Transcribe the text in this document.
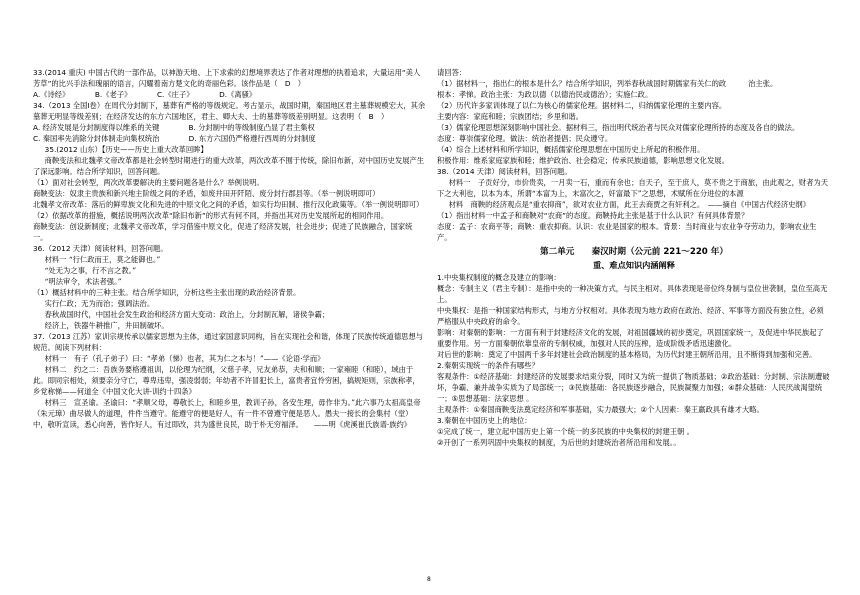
33.(2014 重庆) 中国古代的一部作品，以神游天地、上下求索的幻想境界表达了作者对理想的执着追求，大量运用“美人芳草”的比兴手法和瑰丽的语言，闪耀着南方楚文化的奇丽色彩。该作品是（　D　）

A.《诗经》　　　　B.《老子》　　　　C.《庄子》　　　　D.《离骚》

34.（2013 全国Ⅰ卷）在周代分封制下，墓葬有严格的等级规定。考古显示，战国时期，秦国地区君主墓葬规模宏大，其余墓葬无明显等级差别；在经济发达的东方六国地区，君主、卿大夫、士的墓葬等级差别明显。这表明（　B　）

A. 经济发展是分封制度得以维系的关键　　　　B. 分封制中的等级制度凸显了君主集权

C. 秦国率先消除分封体制走向集权统治　　　　D. 东方六国仍严格遵行西周的分封制度

35.(2012 山东）【历史——历史上重大改革回眸】

商鞅变法和北魏孝文帝改革都是社会转型时期进行的重大改革，两次改革不囿于传统，除旧布新，对中国历史发展产生了深远影响。结合所学知识，回答问题。

（1）面对社会转型，两次改革要解决的主要问题各是什么？举例说明。

商鞅变法：奴隶主贵族和新兴地主阶级之间的矛盾，如废井田开阡陌、废分封行郡县等。（举一例说明即可）

北魏孝文帝改革：落后的鲜卑族文化和先进的中原文化之间的矛盾，如实行均田制、推行汉化政策等。（举一例说明即可）

（2）依据改革的措施，概括说明两次改革“除旧布新”的形式有何不同，并指出其对历史发展所起的相同作用。

商鞅变法：创设新制度；北魏孝文帝改革，学习借鉴中原文化，促进了经济发展，社会进步；促进了民族融合，国家统一。

36.（2012 天津）阅读材料，回答问题。

材料一 “行仁政而王，莫之能御也。”

“处无为之事，行不言之教。”

“明法审令，术法者强。”

（1）概括材料中的三种主张。结合所学知识，分析这些主张出现的政治经济背景。

实行仁政；无为而治；强调法治。

春秋战国时代，中国社会发生政治和经济方面大变动：政治上，分封制瓦解，诸侯争霸；

经济上，铁器牛耕推广，井田制破坏。

37.（2013 江苏）家训宗规传承以儒家思想为主体，通过家国意识同构，旨在实现社会和谐，体现了民族传统道德思想与规范。阅读下列材料：

材料一　有子（孔子弟子）曰：“孝弟（悌）也者，其为仁之本与！”——《论语·学而》

材料二　约之二：吾族务要格遵祖训，以伦理为纪纲，父慈子孝，兄友弟恭，夫和和顺；一家雍睦（和睦），域由于此。即同宗相处，须要亲分守亡，尊卑违卑，强凌弱弱；年幼者不许冒犯长上，富贵者宜怜穷困，搞规矩则，宗族称孝，乡党称悌——何道全《中国文化大讲·训约十四条》

材料三　宣圣谕。圣谕曰：“孝顺父母，尊敬长上，和睦乡里，教训子孙，各安生理，毋作非为。”此六事乃太祖高皇帝（朱元璋）曲尽做人的道理，件件当遵守。能遵守的便是好人，有一件不曾遵守便是恶人。愚夫一接长的会集村（堂）中，敬听宣读，悉心向善，皆作好人，有过即改，共为盛世良民，助于朴无穷福泽。　　——明《虎溪崔氏族谱·族约》

请回答：

（1）据材料一，指出仁的根本是什么？结合所学知识，列举春秋战国时期儒家有关仁的政　　　治主张。

根本：孝悌。政治主张：为政以德（以德治民或德治）；实施仁政。

（2）历代许多家训体现了以仁为核心的儒家伦理。据材料二，归纳儒家伦理的主要内容。

主要内容：家庭和睦；宗族团结；乡里和谐。

（3）儒家伦理思想深刻影响中国社会。据材料三，指出明代统治者与民众对儒家伦理所持的态度及各自的做法。

态度：尊崇儒家伦理。做法：统治者提倡；民众遵守。

（4）综合上述材料和所学知识，概括儒家伦理思想在中国历史上所起的积极作用。

积极作用：维系家庭家族和睦；维护政治、社会稳定；传承民族道德，影响思想文化发展。

38.（2014 天津）阅读材料，回答问题。

材料一　子贡好分，市价贵卖，一月卖一石，重而有余也；自天子，至于庶人，莫不贵之于商旅，由此观之，财者为天下之大利也，以本为本，所谓“本富为上，末富次之，奸富最下”之思想，术赋所在分进位的本源

材料　商鞅的经济观点是“重农抑商”，欲对农业方面，此王去商贾之有奸利之。　——摘自《中国古代经济史纲》

（1）指出材料一中孟子和商鞅对“农商”的态度。商鞅持此主张是基于什么认识？有何具体背景？

态度：孟子：农商平等；商鞅：重农抑商。认识：农业是国家的根本。背景：当时商业与农业争夺劳动力，影响农业生产。

第二单元　　秦汉时期（公元前 221～220 年）

重、难点知识内涵阐释

1.中央集权制度的概念及建立的影响：

概念：专制主义（君主专制）：是指中央的一种决策方式，与民主相对。具体表现是帝位终身制与皇位世袭制，皇位至高无上。

中央集权：是指一种国家结构形式，与地方分权相对。具体表现为地方政府在政治、经济、军事等方面没有独立性，必须严格服从中央政府的命令。

影响：对秦朝的影响：一方面有利于封建经济文化的发展，对祖国疆域的初步奠定，巩固国家统一，及促进中华民族起了重要作用。另一方面秦朝依靠皇帝的专制权威，加强对人民的压榨，造成阶级矛盾迅速激化。

对后世的影响：奠定了中国两千多年封建社会政治制度的基本格局，为历代封建王朝所沿用，且不断得到加强和完善。

2.秦朝实现统一的条件有哪些？

客观条件：①经济基础：封建经济的发展要求结束分裂，同时又为统一提供了物质基础；②政治基础：分封制、宗法制遭破坏，争霸、兼并战争实质为了局部统一；③民族基础：各民族逐步融合，民族凝聚力加强；④群众基础：人民厌战渴望统一；⑤思想基础：法家思想 。

主观条件：①秦国商鞅变法奠定经济和军事基础，实力最强大；②个人因素：秦王嬴政具有雄才大略。

3.秦朝在中国历史上的地位：

①完成了统一，建立起中国历史上第一个统一的多民族的中央集权的封建王朝 。

②开创了一系列巩固中央集权的制度，为后世的封建统治者所沿用和发展。。

8
